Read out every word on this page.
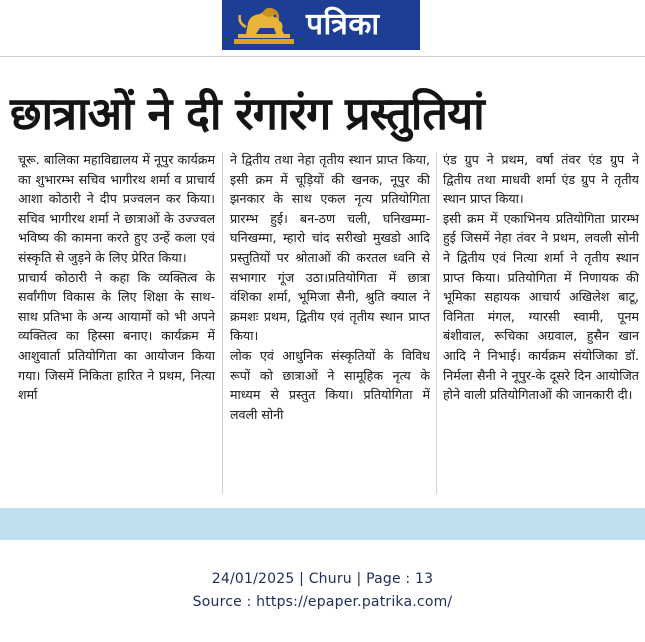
पत्रिका
छात्राओं ने दी रंगारंग प्रस्तुतियां

चूरू. बालिका महाविद्यालय में नूपुर कार्यक्रम का शुभारम्भ सचिव भागीरथ शर्मा व प्राचार्य आशा कोठारी ने दीप प्रज्वलन कर किया। सचिव भागीरथ शर्मा ने छात्राओं के उज्ज्वल भविष्य की कामना करते हुए उन्हें कला एवं संस्कृति से जुड़ने के लिए प्रेरित किया।

प्राचार्य कोठारी ने कहा कि व्यक्तित्व के सर्वांगीण विकास के लिए शिक्षा के साथ-साथ प्रतिभा के अन्य आयामों को भी अपने व्यक्तित्व का हिस्सा बनाए। कार्यक्रम में आशुवार्ता प्रतियोगिता का आयोजन किया गया। जिसमें निकिता हारित ने प्रथम, नित्या शर्मा

ने द्वितीय तथा नेहा तृतीय स्थान प्राप्त किया, इसी क्रम में चूड़ियों की खनक, नूपुर की झनकार के साथ एकल नृत्य प्रतियोगिता प्रारम्भ हुई। बन-ठण चली, घनिखम्मा-घनिखम्मा, म्हारो चांद सरीखो मुखडो आदि प्रस्तुतियों पर श्रोताओं की करतल ध्वनि से सभागार गूंज उठा।प्रतियोगिता में छात्रा वंशिका शर्मा, भूमिजा सैनी, श्रुति क्याल ने क्रमशः प्रथम, द्वितीय एवं तृतीय स्थान प्राप्त किया।

लोक एवं आधुनिक संस्कृतियों के विविध रूपों को छात्राओं ने सामूहिक नृत्य के माध्यम से प्रस्तुत किया। प्रतियोगिता में लवली सोनी

एंड ग्रुप ने प्रथम, वर्षा तंवर एंड ग्रुप ने द्वितीय तथा माधवी शर्मा एंड ग्रुप ने तृतीय स्थान प्राप्त किया।

इसी क्रम में एकाभिनय प्रतियोगिता प्रारम्भ हुई जिसमें नेहा तंवर ने प्रथम, लवली सोनी ने द्वितीय एवं नित्या शर्मा ने तृतीय स्थान प्राप्त किया। प्रतियोगिता में निणायक की भूमिका सहायक आचार्य अखिलेश बाटू, विनिता मंगल, ग्यारसी स्वामी, पूनम बंशीवाल, रूचिका अग्रवाल, हुसैन खान आदि ने निभाई। कार्यक्रम संयोजिका डॉ. निर्मला सैनी ने नूपुर-के दूसरे दिन आयोजित होने वाली प्रतियोगिताओं की जानकारी दी।

24/01/2025 | Churu | Page : 13
Source : https://epaper.patrika.com/
